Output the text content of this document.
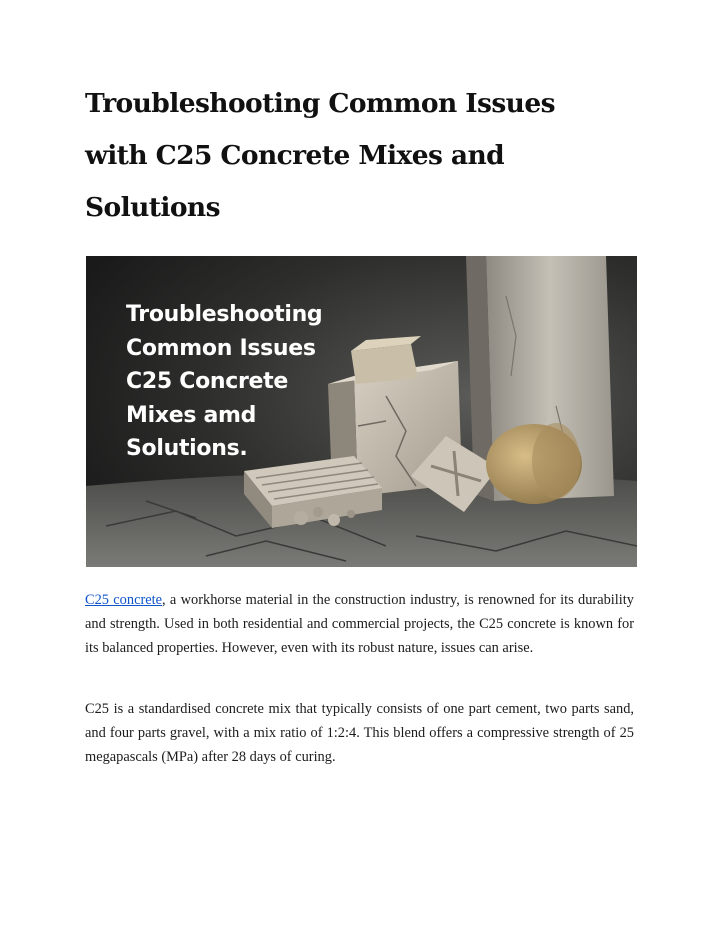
Troubleshooting Common Issues
with C25 Concrete Mixes and
Solutions
Troubleshooting
Common Issues
C25 Concrete
Mixes amd
Solutions.

C25 concrete, a workhorse material in the construction industry, is renowned for its durability and strength. Used in both residential and commercial projects, the C25 concrete is known for its balanced properties. However, even with its robust nature, issues can arise.

C25 is a standardised concrete mix that typically consists of one part cement, two parts sand, and four parts gravel, with a mix ratio of 1:2:4. This blend offers a compressive strength of 25 megapascals (MPa) after 28 days of curing.
